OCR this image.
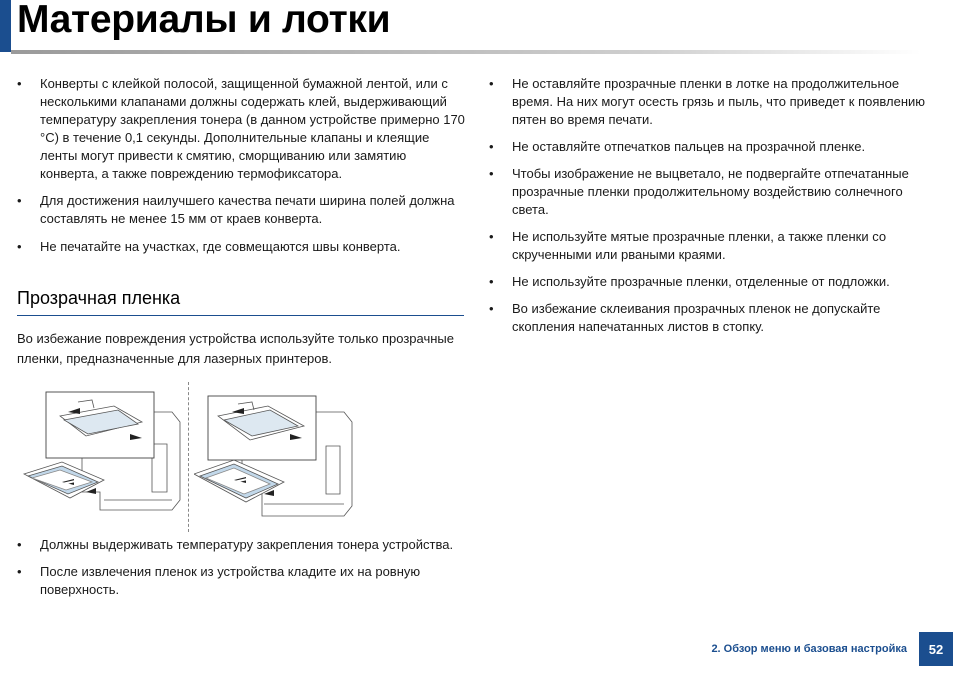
Материалы и лотки
• Конверты с клейкой полосой, защищенной бумажной лентой, или с несколькими клапанами должны содержать клей, выдерживающий температуру закрепления тонера (в данном устройстве примерно 170 °C) в течение 0,1 секунды. Дополнительные клапаны и клеящие ленты могут привести к смятию, сморщиванию или замятию конверта, а также повреждению термофиксатора.
• Для достижения наилучшего качества печати ширина полей должна составлять не менее 15 мм от краев конверта.
• Не печатайте на участках, где совмещаются швы конверта.
Прозрачная пленка

Во избежание повреждения устройства используйте только прозрачные пленки, предназначенные для лазерных принтеров.

• Должны выдерживать температуру закрепления тонера устройства.
• После извлечения пленок из устройства кладите их на ровную поверхность.
• Не оставляйте прозрачные пленки в лотке на продолжительное время. На них могут осесть грязь и пыль, что приведет к появлению пятен во время печати.
• Не оставляйте отпечатков пальцев на прозрачной пленке.
• Чтобы изображение не выцветало, не подвергайте отпечатанные прозрачные пленки продолжительному воздействию солнечного света.
• Не используйте мятые прозрачные пленки, а также пленки со скрученными или рваными краями.
• Не используйте прозрачные пленки, отделенные от подложки.
• Во избежание склеивания прозрачных пленок не допускайте скопления напечатанных листов в стопку.
2. Обзор меню и базовая настройка	52
